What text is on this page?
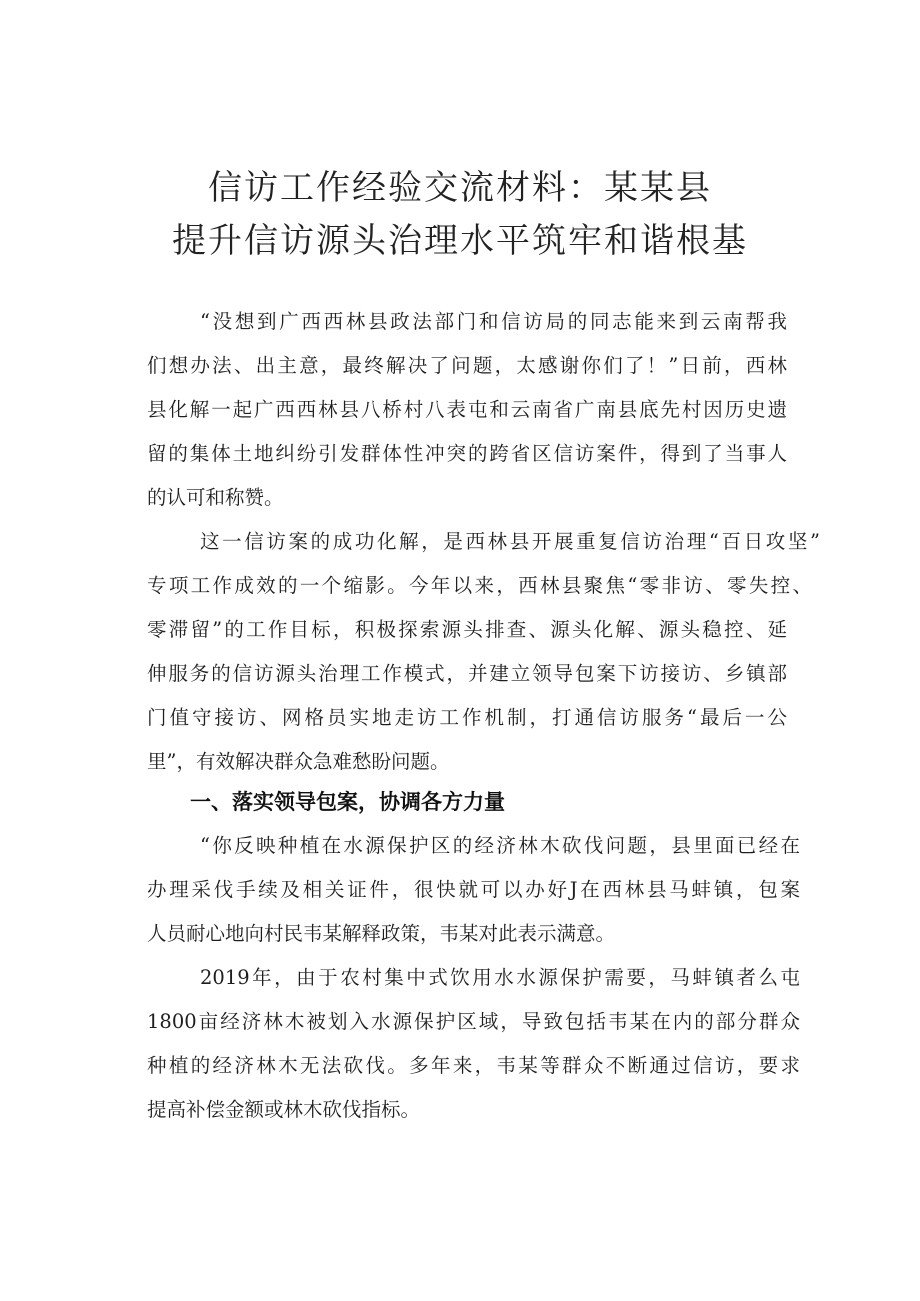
信访工作经验交流材料：某某县
提升信访源头治理水平筑牢和谐根基
“没想到广西西林县政法部门和信访局的同志能来到云南帮我
们想办法、出主意，最终解决了问题，太感谢你们了！”日前，西林
县化解一起广西西林县八桥村八表屯和云南省广南县底先村因历史遗
留的集体土地纠纷引发群体性冲突的跨省区信访案件，得到了当事人
的认可和称赞。
这一信访案的成功化解，是西林县开展重复信访治理“百日攻坚”
专项工作成效的一个缩影。今年以来，西林县聚焦“零非访、零失控、
零滞留”的工作目标，积极探索源头排查、源头化解、源头稳控、延
伸服务的信访源头治理工作模式，并建立领导包案下访接访、乡镇部
门值守接访、网格员实地走访工作机制，打通信访服务“最后一公
里”，有效解决群众急难愁盼问题。
一、落实领导包案，协调各方力量
“你反映种植在水源保护区的经济林木砍伐问题，县里面已经在
办理采伐手续及相关证件，很快就可以办好J在西林县马蚌镇，包案
人员耐心地向村民韦某解释政策，韦某对此表示满意。
2019年，由于农村集中式饮用水水源保护需要，马蚌镇者么屯
1800亩经济林木被划入水源保护区域，导致包括韦某在内的部分群众
种植的经济林木无法砍伐。多年来，韦某等群众不断通过信访，要求
提高补偿金额或林木砍伐指标。
